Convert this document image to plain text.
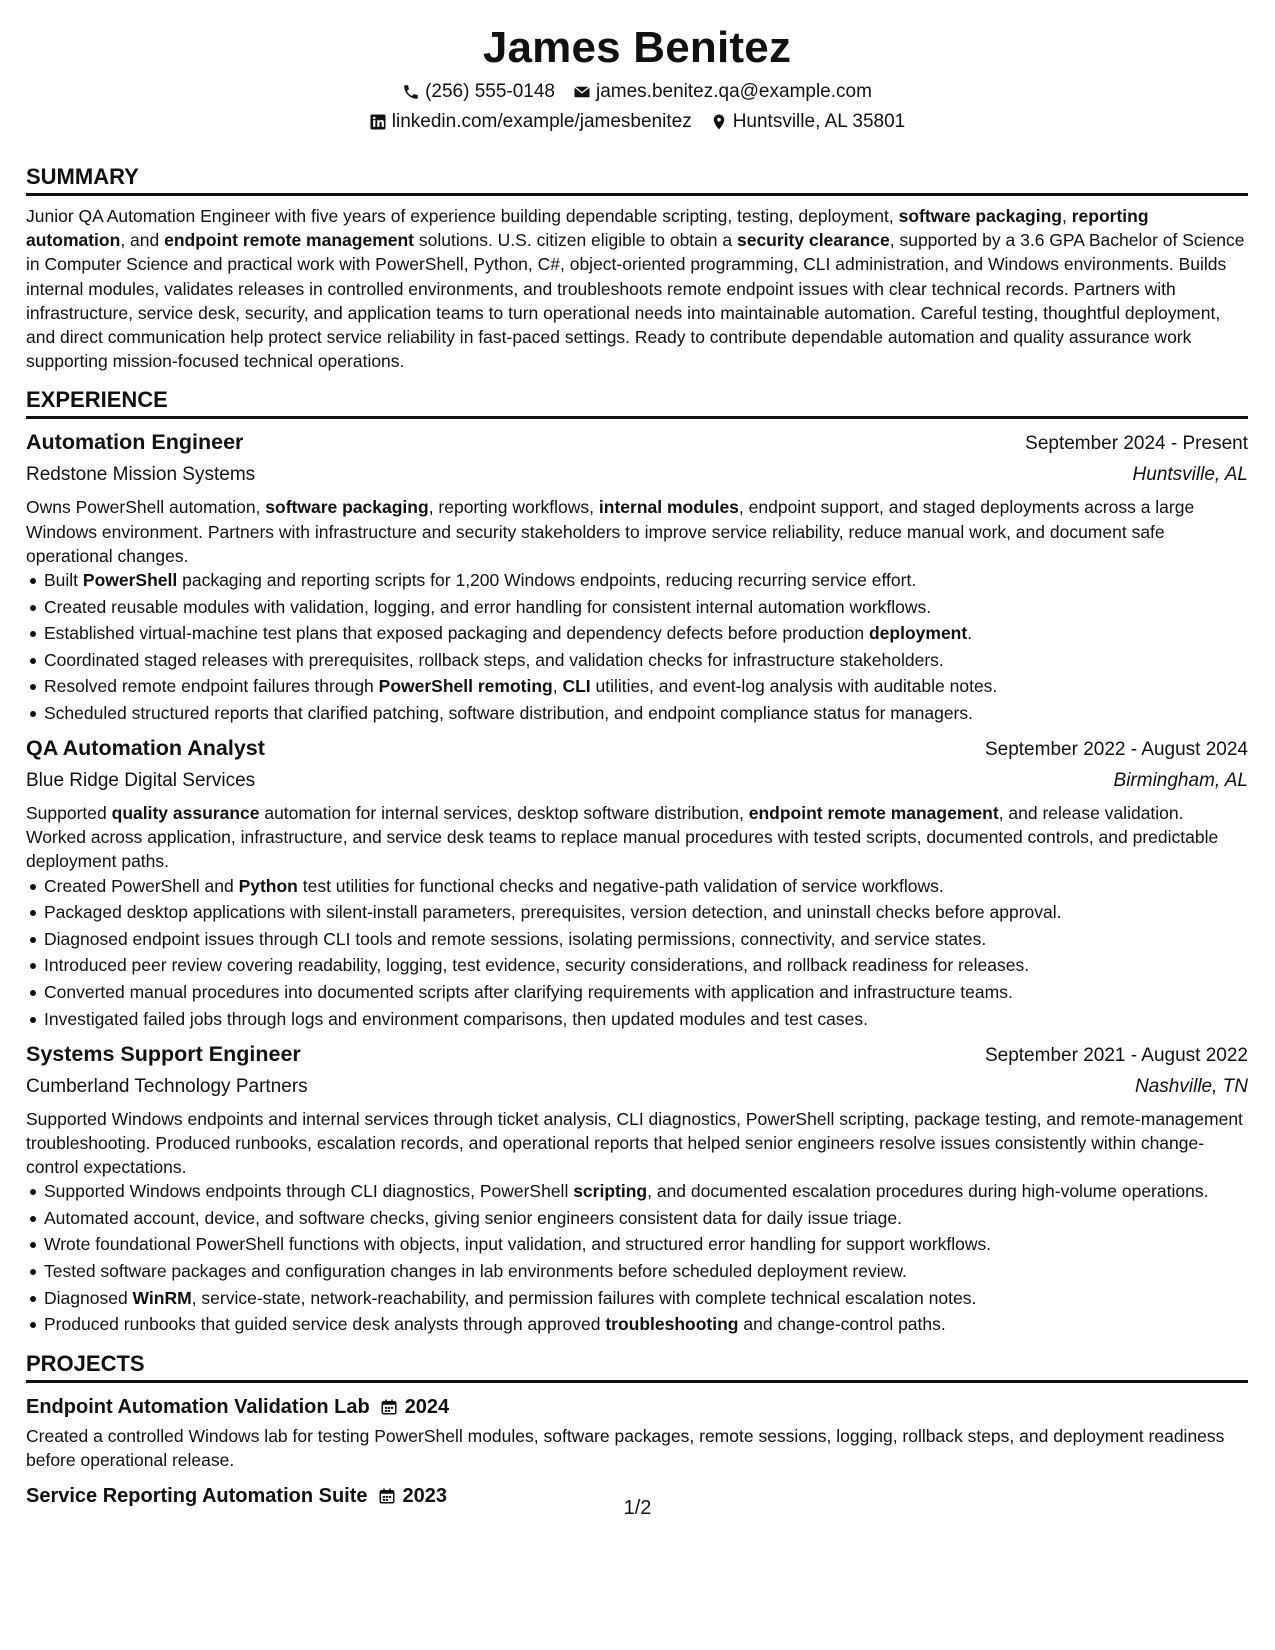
James Benitez
(256) 555-0148 james.benitez.qa@example.com
linkedin.com/example/jamesbenitez Huntsville, AL 35801
SUMMARY

Junior QA Automation Engineer with five years of experience building dependable scripting, testing, deployment, software packaging, reporting automation, and endpoint remote management solutions. U.S. citizen eligible to obtain a security clearance, supported by a 3.6 GPA Bachelor of Science in Computer Science and practical work with PowerShell, Python, C#, object-oriented programming, CLI administration, and Windows environments. Builds internal modules, validates releases in controlled environments, and troubleshoots remote endpoint issues with clear technical records. Partners with infrastructure, service desk, security, and application teams to turn operational needs into maintainable automation. Careful testing, thoughtful deployment, and direct communication help protect service reliability in fast-paced settings. Ready to contribute dependable automation and quality assurance work supporting mission-focused technical operations.

EXPERIENCE
Automation Engineer	September 2024 - Present
Redstone Mission Systems	Huntsville, AL

Owns PowerShell automation, software packaging, reporting workflows, internal modules, endpoint support, and staged deployments across a large Windows environment. Partners with infrastructure and security stakeholders to improve service reliability, reduce manual work, and document safe operational changes.

Built PowerShell packaging and reporting scripts for 1,200 Windows endpoints, reducing recurring service effort.
Created reusable modules with validation, logging, and error handling for consistent internal automation workflows.
Established virtual-machine test plans that exposed packaging and dependency defects before production deployment.
Coordinated staged releases with prerequisites, rollback steps, and validation checks for infrastructure stakeholders.
Resolved remote endpoint failures through PowerShell remoting, CLI utilities, and event-log analysis with auditable notes.
Scheduled structured reports that clarified patching, software distribution, and endpoint compliance status for managers.
QA Automation Analyst	September 2022 - August 2024
Blue Ridge Digital Services	Birmingham, AL

Supported quality assurance automation for internal services, desktop software distribution, endpoint remote management, and release validation. Worked across application, infrastructure, and service desk teams to replace manual procedures with tested scripts, documented controls, and predictable deployment paths.

Created PowerShell and Python test utilities for functional checks and negative-path validation of service workflows.
Packaged desktop applications with silent-install parameters, prerequisites, version detection, and uninstall checks before approval.
Diagnosed endpoint issues through CLI tools and remote sessions, isolating permissions, connectivity, and service states.
Introduced peer review covering readability, logging, test evidence, security considerations, and rollback readiness for releases.
Converted manual procedures into documented scripts after clarifying requirements with application and infrastructure teams.
Investigated failed jobs through logs and environment comparisons, then updated modules and test cases.
Systems Support Engineer	September 2021 - August 2022
Cumberland Technology Partners	Nashville, TN

Supported Windows endpoints and internal services through ticket analysis, CLI diagnostics, PowerShell scripting, package testing, and remote-management troubleshooting. Produced runbooks, escalation records, and operational reports that helped senior engineers resolve issues consistently within change-control expectations.

Supported Windows endpoints through CLI diagnostics, PowerShell scripting, and documented escalation procedures during high-volume operations.
Automated account, device, and software checks, giving senior engineers consistent data for daily issue triage.
Wrote foundational PowerShell functions with objects, input validation, and structured error handling for support workflows.
Tested software packages and configuration changes in lab environments before scheduled deployment review.
Diagnosed WinRM, service-state, network-reachability, and permission failures with complete technical escalation notes.
Produced runbooks that guided service desk analysts through approved troubleshooting and change-control paths.
PROJECTS
Endpoint Automation Validation Lab 2024

Created a controlled Windows lab for testing PowerShell modules, software packages, remote sessions, logging, rollback steps, and deployment readiness before operational release.

Service Reporting Automation Suite 2023
1/2
